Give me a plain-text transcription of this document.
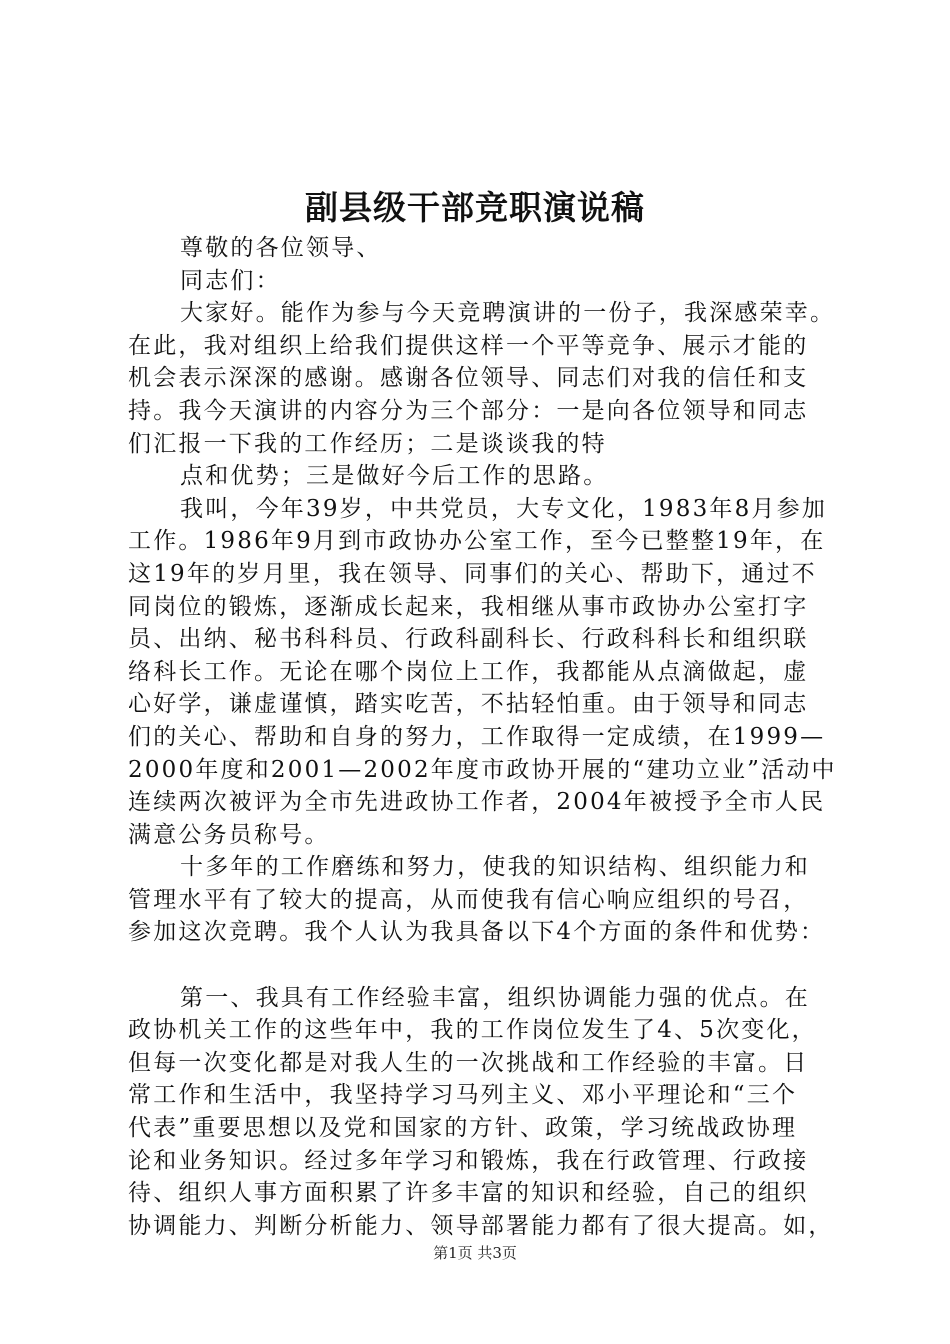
副县级干部竞职演说稿
尊敬的各位领导、
同志们：
大家好。能作为参与今天竞聘演讲的一份子，我深感荣幸。
在此，我对组织上给我们提供这样一个平等竞争、展示才能的
机会表示深深的感谢。感谢各位领导、同志们对我的信任和支
持。我今天演讲的内容分为三个部分：一是向各位领导和同志
们汇报一下我的工作经历；二是谈谈我的特
点和优势；三是做好今后工作的思路。
我叫，今年39岁，中共党员，大专文化，1983年8月参加
工作。1986年9月到市政协办公室工作，至今已整整19年，在
这19年的岁月里，我在领导、同事们的关心、帮助下，通过不
同岗位的锻炼，逐渐成长起来，我相继从事市政协办公室打字
员、出纳、秘书科科员、行政科副科长、行政科科长和组织联
络科长工作。无论在哪个岗位上工作，我都能从点滴做起，虚
心好学，谦虚谨慎，踏实吃苦，不拈轻怕重。由于领导和同志
们的关心、帮助和自身的努力，工作取得一定成绩，在1999—
2000年度和2001—2002年度市政协开展的“建功立业”活动中
连续两次被评为全市先进政协工作者，2004年被授予全市人民
满意公务员称号。
十多年的工作磨练和努力，使我的知识结构、组织能力和
管理水平有了较大的提高，从而使我有信心响应组织的号召，
参加这次竞聘。我个人认为我具备以下4个方面的条件和优势：
第一、我具有工作经验丰富，组织协调能力强的优点。在
政协机关工作的这些年中，我的工作岗位发生了4、5次变化，
但每一次变化都是对我人生的一次挑战和工作经验的丰富。日
常工作和生活中，我坚持学习马列主义、邓小平理论和“三个
代表”重要思想以及党和国家的方针、政策，学习统战政协理
论和业务知识。经过多年学习和锻炼，我在行政管理、行政接
待、组织人事方面积累了许多丰富的知识和经验，自己的组织
协调能力、判断分析能力、领导部署能力都有了很大提高。如，
第1页 共3页
